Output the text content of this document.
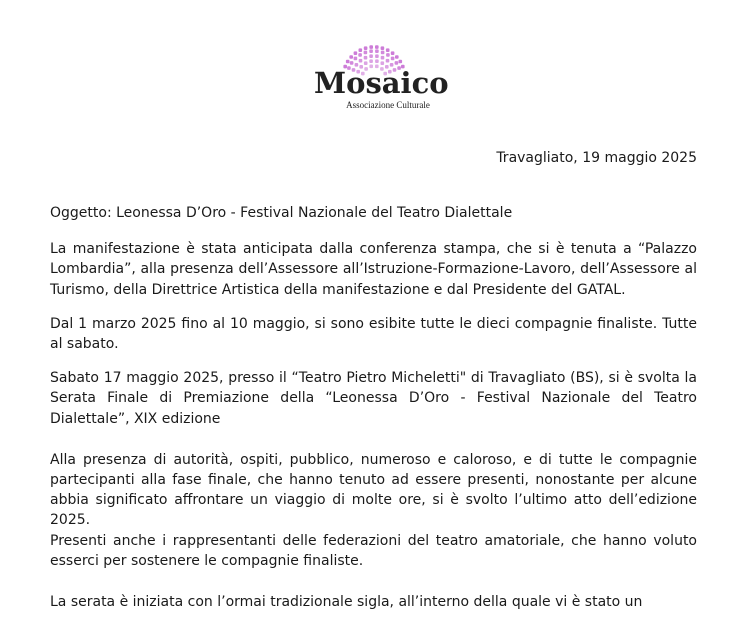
Mosaico
Associazione Culturale
Travagliato, 19 maggio 2025

Oggetto: Leonessa D’Oro - Festival Nazionale del Teatro Dialettale

La manifestazione è stata anticipata dalla conferenza stampa, che si è tenuta a “Palazzo Lombardia”, alla presenza dell’Assessore all’Istruzione-Formazione-Lavoro, dell’Assessore al Turismo, della Direttrice Artistica della manifestazione e dal Presidente del GATAL.

Dal 1 marzo 2025 fino al 10 maggio, si sono esibite tutte le dieci compagnie finaliste. Tutte al sabato.

Sabato 17 maggio 2025, presso il “Teatro Pietro Micheletti" di Travagliato (BS), si è svolta la Serata Finale di Premiazione della “Leonessa D’Oro - Festival Nazionale del Teatro Dialettale”, XIX edizione

Alla presenza di autorità, ospiti, pubblico, numeroso e caloroso, e di tutte le compagnie partecipanti alla fase finale, che hanno tenuto ad essere presenti, nonostante per alcune abbia significato affrontare un viaggio di molte ore, si è svolto l’ultimo atto dell’edizione 2025.

Presenti anche i rappresentanti delle federazioni del teatro amatoriale, che hanno voluto esserci per sostenere le compagnie finaliste.

La serata è iniziata con l’ormai tradizionale sigla, all’interno della quale vi è stato un
